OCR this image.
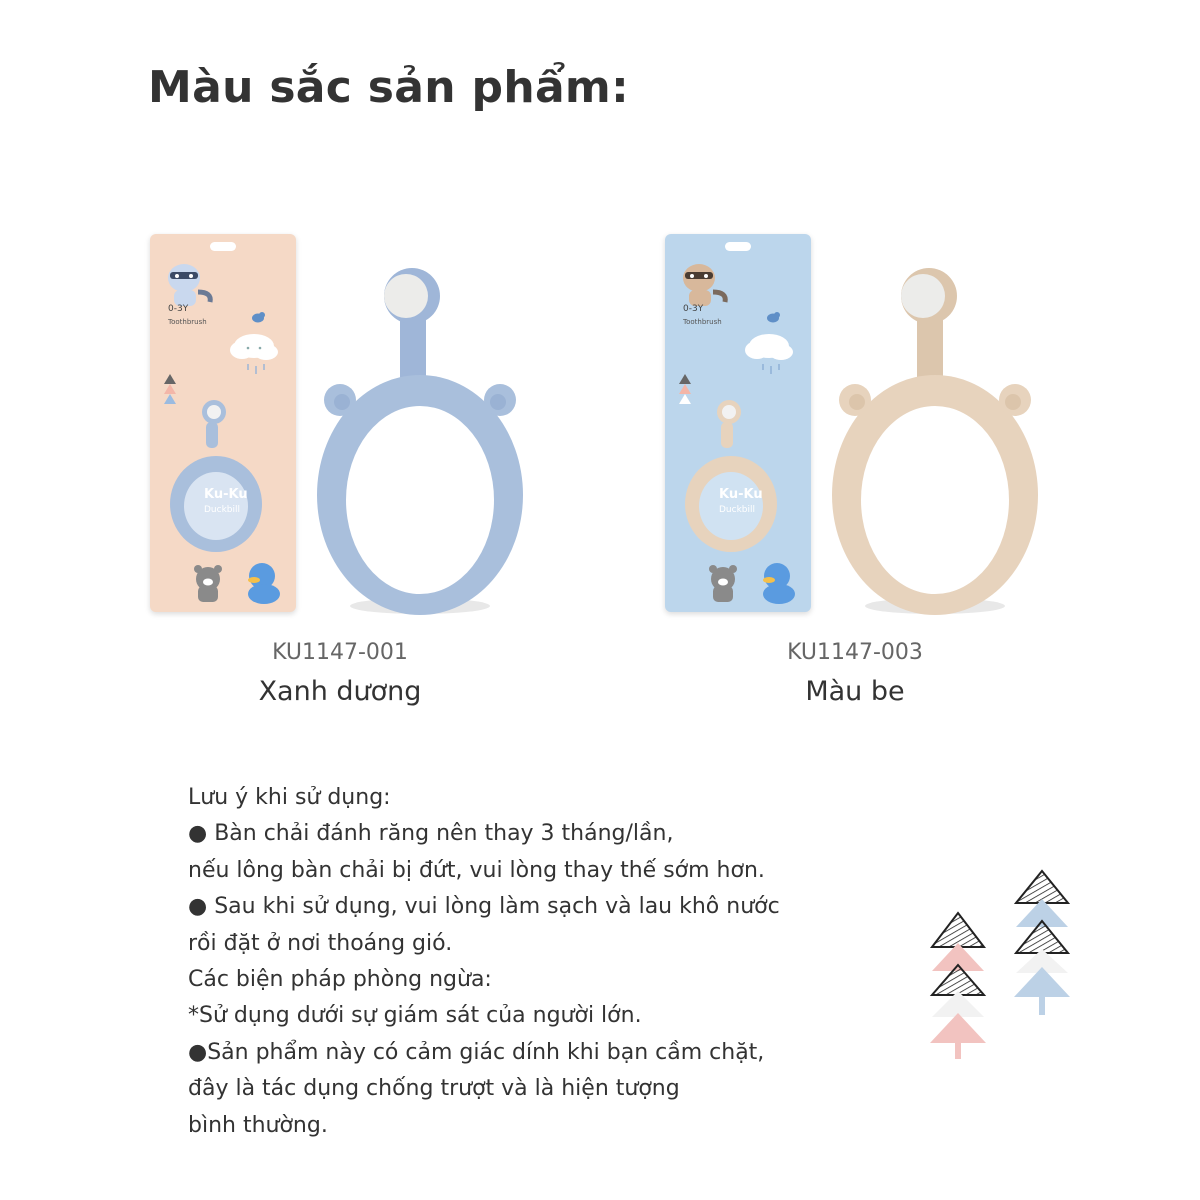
Màu sắc sản phẩm:
Ku-Ku
Duckbill
0-3Y
Toothbrush
KU1147-001
Xanh dương
Ku-Ku
Duckbill
0-3Y
Toothbrush
KU1147-003
Màu be
Lưu ý khi sử dụng:
● Bàn chải đánh răng nên thay 3 tháng/lần,
nếu lông bàn chải bị đứt, vui lòng thay thế sớm hơn.
● Sau khi sử dụng, vui lòng làm sạch và lau khô nước
rồi đặt ở nơi thoáng gió.
Các biện pháp phòng ngừa:
*Sử dụng dưới sự giám sát của người lớn.
●Sản phẩm này có cảm giác dính khi bạn cầm chặt,
đây là tác dụng chống trượt và là hiện tượng
bình thường.
